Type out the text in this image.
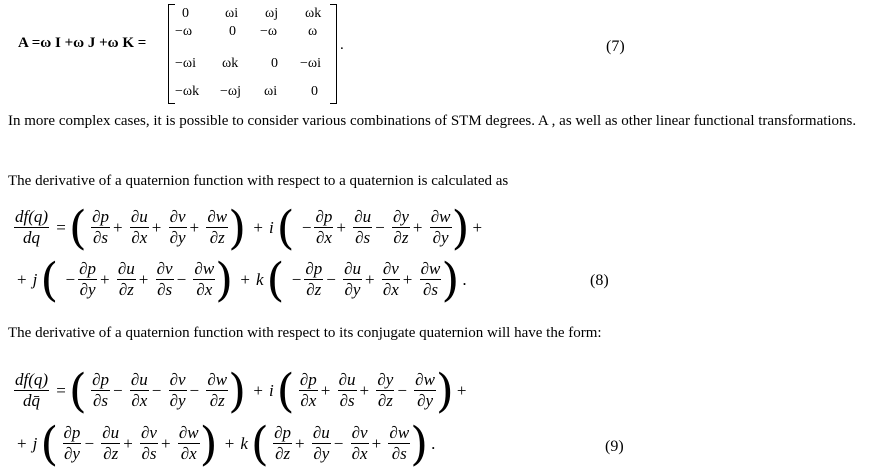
A =ω I +ω J +ω K =
0	ωi ωj ωk
−ω	0 −ω ω
−ωi ωk 0 −ωi
−ωk −ωj ωi 0
.	(7)
In more complex cases, it is possible to consider various combinations of STM degrees. A , as well as other linear functional transformations.
The derivative of a quaternion function with respect to a quaternion is calculated as
$\frac{df(q)}{dq}$ =( $\frac{\partial p}{\partial s} + \frac{\partial u}{\partial x} + \frac{\partial v}{\partial y} + \frac{\partial w}{\partial z}$ ) + $i( - \frac{\partial p}{\partial x} + \frac{\partial u}{\partial s} - \frac{\partial y}{\partial z} + \frac{\partial w}{\partial y}$ ) +
+ $j( - \frac{\partial p}{\partial y} + \frac{\partial u}{\partial z} + \frac{\partial v}{\partial s} - \frac{\partial w}{\partial x}$ ) + $k( - \frac{\partial p}{\partial z} - \frac{\partial u}{\partial y} + \frac{\partial v}{\partial x} + \frac{\partial w}{\partial s}$ ) .	(8)
The derivative of a quaternion function with respect to its conjugate quaternion will have the form:
$\frac{df(q)}{dq̄}$ =( $\frac{\partial p}{\partial s} - \frac{\partial u}{\partial x} - \frac{\partial v}{\partial y} - \frac{\partial w}{\partial z}$ ) + $i( \frac{\partial p}{\partial x} + \frac{\partial u}{\partial s} + \frac{\partial y}{\partial z} - \frac{\partial w}{\partial y}$ ) +
+ $j( \frac{\partial p}{\partial y} - \frac{\partial u}{\partial z} + \frac{\partial v}{\partial s} + \frac{\partial w}{\partial x}$ ) + $k( \frac{\partial p}{\partial z} + \frac{\partial u}{\partial y} - \frac{\partial v}{\partial x} + \frac{\partial w}{\partial s}$ ) .	(9)
